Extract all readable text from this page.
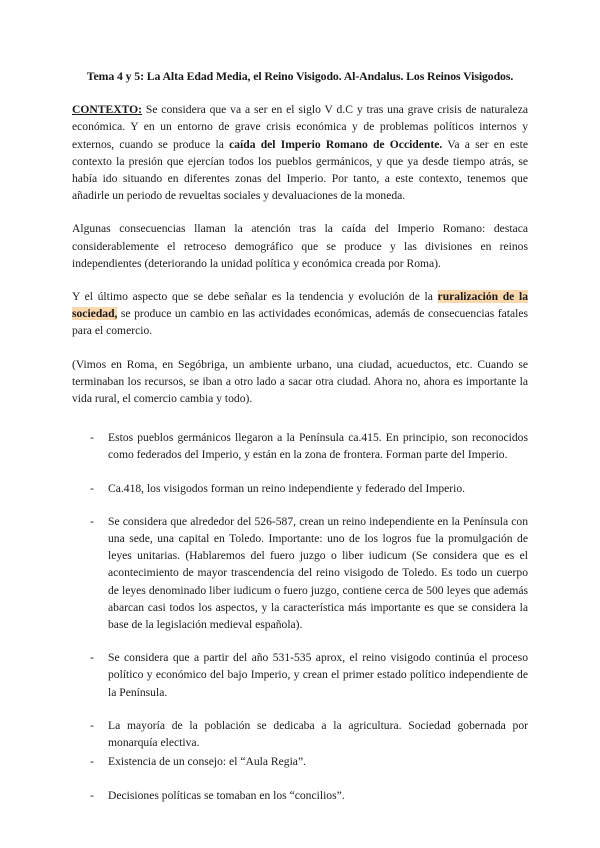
Tema 4 y 5: La Alta Edad Media, el Reino Visigodo. Al-Andalus. Los Reinos Visigodos.

CONTEXTO: Se considera que va a ser en el siglo V d.C y tras una grave crisis de naturaleza económica. Y en un entorno de grave crisis económica y de problemas políticos internos y externos, cuando se produce la caída del Imperio Romano de Occidente. Va a ser en este contexto la presión que ejercían todos los pueblos germánicos, y que ya desde tiempo atrás, se había ido situando en diferentes zonas del Imperio. Por tanto, a este contexto, tenemos que añadirle un periodo de revueltas sociales y devaluaciones de la moneda.

Algunas consecuencias llaman la atención tras la caída del Imperio Romano: destaca considerablemente el retroceso demográfico que se produce y las divisiones en reinos independientes (deteriorando la unidad política y económica creada por Roma).

Y el último aspecto que se debe señalar es la tendencia y evolución de la ruralización de la sociedad, se produce un cambio en las actividades económicas, además de consecuencias fatales para el comercio.

(Vimos en Roma, en Segóbriga, un ambiente urbano, una ciudad, acueductos, etc. Cuando se terminaban los recursos, se iban a otro lado a sacar otra ciudad. Ahora no, ahora es importante la vida rural, el comercio cambia y todo).

- Estos pueblos germánicos llegaron a la Península ca.415. En principio, son reconocidos como federados del Imperio, y están en la zona de frontera. Forman parte del Imperio.
- Ca.418, los visigodos forman un reino independiente y federado del Imperio.
- Se considera que alrededor del 526-587, crean un reino independiente en la Península con una sede, una capital en Toledo. Importante: uno de los logros fue la promulgación de leyes unitarias. (Hablaremos del fuero juzgo o liber iudicum (Se considera que es el acontecimiento de mayor trascendencia del reino visigodo de Toledo. Es todo un cuerpo de leyes denominado liber iudicum o fuero juzgo, contiene cerca de 500 leyes que además abarcan casi todos los aspectos, y la característica más importante es que se considera la base de la legislación medieval española).
- Se considera que a partir del año 531-535 aprox, el reino visigodo continúa el proceso político y económico del bajo Imperio, y crean el primer estado político independiente de la Península.
- La mayoría de la población se dedicaba a la agricultura. Sociedad gobernada por monarquía electiva.
- Existencia de un consejo: el “Aula Regia”.
- Decisiones políticas se tomaban en los “concilios”.
